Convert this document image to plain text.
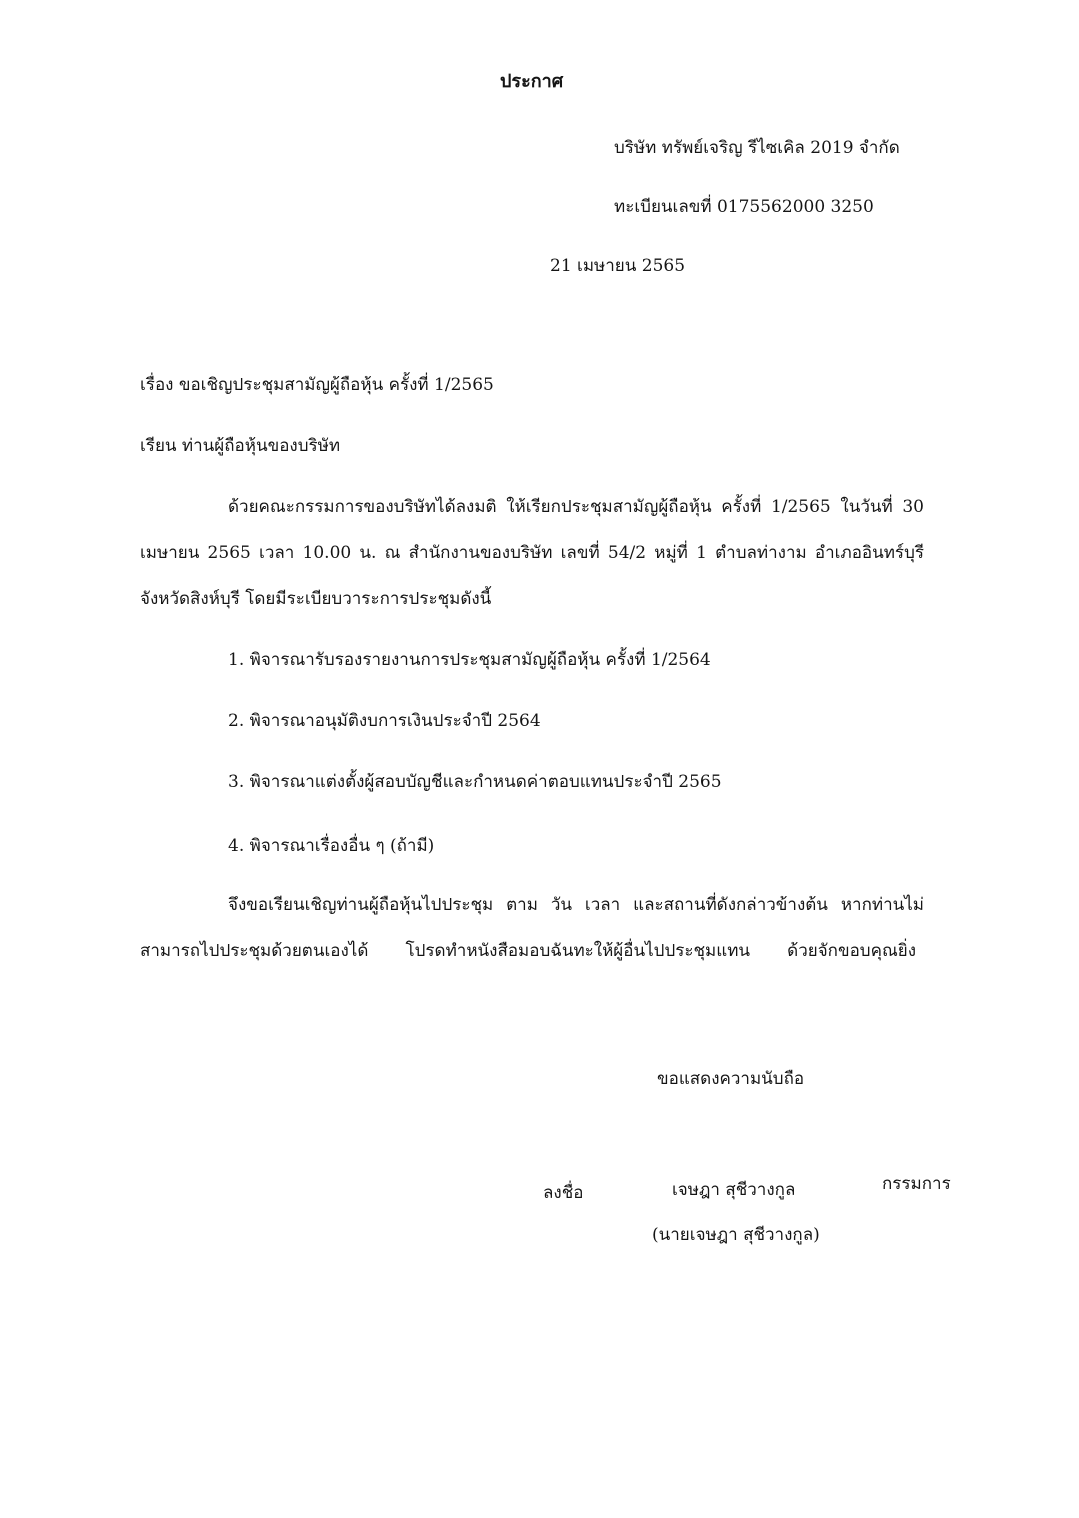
ประกาศ
บริษัท ทรัพย์เจริญ รีไซเคิล 2019 จำกัด
ทะเบียนเลขที่ 0175562000 3250
21 เมษายน 2565
เรื่อง ขอเชิญประชุมสามัญผู้ถือหุ้น ครั้งที่ 1/2565
เรียน ท่านผู้ถือหุ้นของบริษัท
ด้วยคณะกรรมการของบริษัทได้ลงมติ ให้เรียกประชุมสามัญผู้ถือหุ้น ครั้งที่ 1/2565 ในวันที่ 30
เมษายน 2565 เวลา 10.00 น. ณ สำนักงานของบริษัท เลขที่ 54/2 หมู่ที่ 1 ตำบลท่างาม อำเภออินทร์บุรี
จังหวัดสิงห์บุรี โดยมีระเบียบวาระการประชุมดังนี้
1. พิจารณารับรองรายงานการประชุมสามัญผู้ถือหุ้น ครั้งที่ 1/2564
2. พิจารณาอนุมัติงบการเงินประจำปี 2564
3. พิจารณาแต่งตั้งผู้สอบบัญชีและกำหนดค่าตอบแทนประจำปี 2565
4. พิจารณาเรื่องอื่น ๆ (ถ้ามี)
จึงขอเรียนเชิญท่านผู้ถือหุ้นไปประชุม ตาม วัน เวลา และสถานที่ดังกล่าวข้างต้น หากท่านไม่
สามารถไปประชุมด้วยตนเองได้ โปรดทำหนังสือมอบฉันทะให้ผู้อื่นไปประชุมแทน ด้วยจักขอบคุณยิ่ง
ขอแสดงความนับถือ
ลงชื่อ	เจษฎา สุชีวางกูล	กรรมการ
(นายเจษฎา สุชีวางกูล)
